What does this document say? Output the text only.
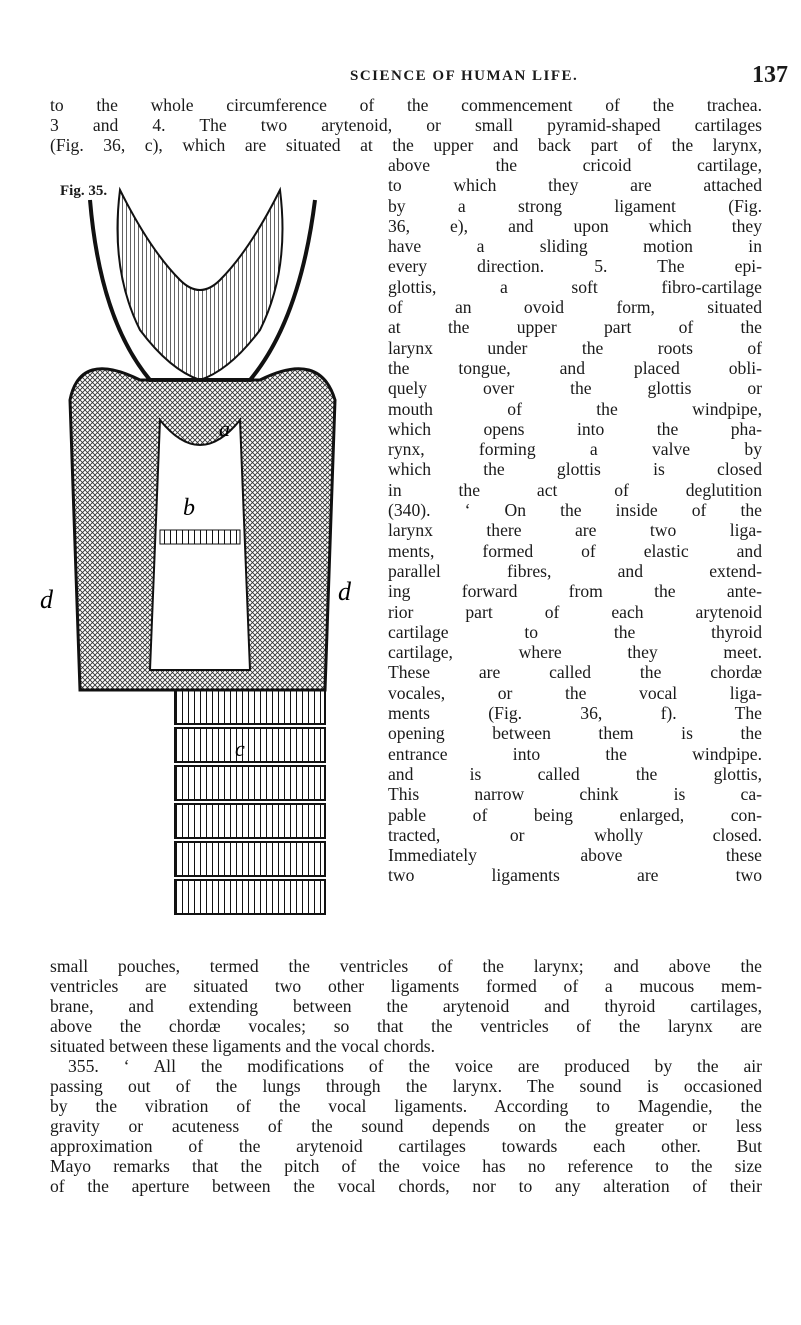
SCIENCE OF HUMAN LIFE.	137
to the whole circumference of the commencement of the trachea.
3 and 4. The two arytenoid, or small pyramid-shaped cartilages
(Fig. 36, c), which are situated at the upper and back part of the larynx,
Fig. 35.
a
b
c
d	d
above the cricoid cartilage,
to which they are attached
by a strong ligament (Fig.
36, e), and upon which they
have a sliding motion in
every direction. 5. The epi-
glottis, a soft fibro-cartilage
of an ovoid form, situated
at the upper part of the
larynx under the roots of
the tongue, and placed obli-
quely over the glottis or
mouth of the windpipe,
which opens into the pha-
rynx, forming a valve by
which the glottis is closed
in the act of deglutition
(340). ‘ On the inside of the
larynx there are two liga-
ments, formed of elastic and
parallel fibres, and extend-
ing forward from the ante-
rior part of each arytenoid
cartilage to the thyroid
cartilage, where they meet.
These are called the chordæ
vocales, or the vocal liga-
ments (Fig. 36, f). The
opening between them is the
entrance into the windpipe.
and is called the glottis,
This narrow chink is ca-
pable of being enlarged, con-
tracted, or wholly closed.
Immediately above these
two ligaments are two
small pouches, termed the ventricles of the larynx; and above the
ventricles are situated two other ligaments formed of a mucous mem-
brane, and extending between the arytenoid and thyroid cartilages,
above the chordæ vocales; so that the ventricles of the larynx are
situated between these ligaments and the vocal chords.
355. ‘ All the modifications of the voice are produced by the air
passing out of the lungs through the larynx. The sound is occasioned
by the vibration of the vocal ligaments. According to Magendie, the
gravity or acuteness of the sound depends on the greater or less
approximation of the arytenoid cartilages towards each other. But
Mayo remarks that the pitch of the voice has no reference to the size
of the aperture between the vocal chords, nor to any alteration of their
